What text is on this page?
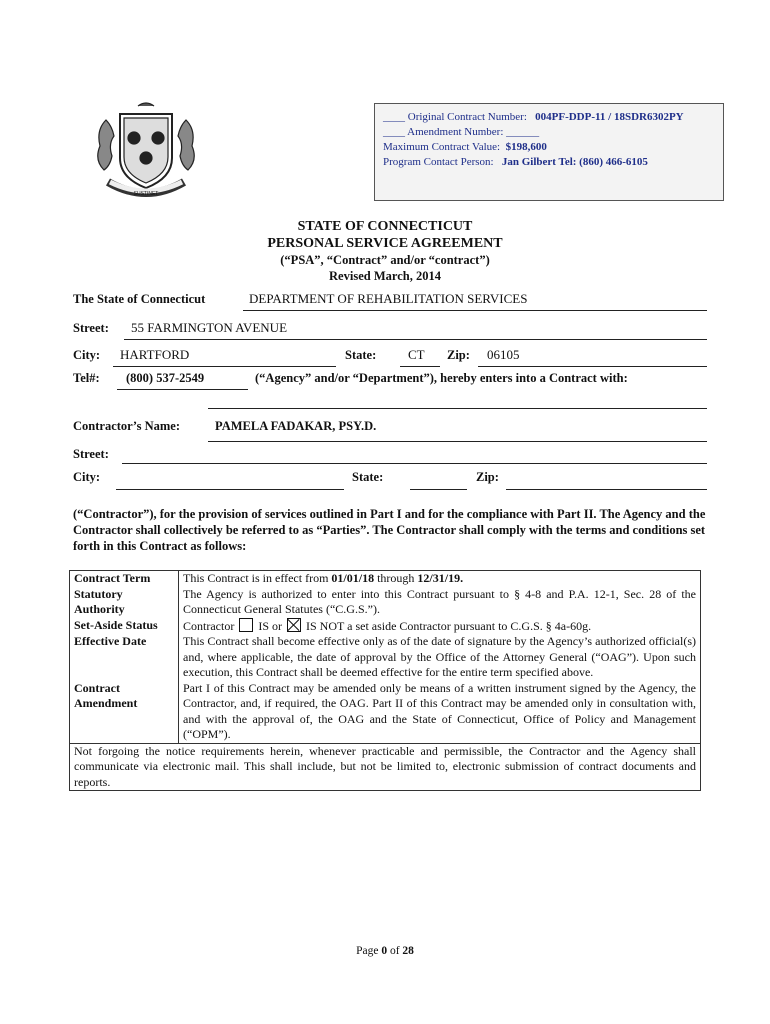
SUSTINET
____ Original Contract Number: 004PF-DDP-11 / 18SDR6302PY
____ Amendment Number: ______
Maximum Contract Value: $198,600
Program Contact Person: Jan Gilbert Tel: (860) 466-6105
STATE OF CONNECTICUT
PERSONAL SERVICE AGREEMENT
(“PSA”, “Contract” and/or “contract”)
Revised March, 2014
The State of Connecticut	DEPARTMENT OF REHABILITATION SERVICES
Street: 55 FARMINGTON AVENUE
City: HARTFORD	State: CT Zip: 06105
Tel#: (800) 537-2549	(“Agency” and/or “Department”), hereby enters into a Contract with:
Contractor’s Name:	PAMELA FADAKAR, PSY.D.
Street:
City:	State:	Zip:
(“Contractor”), for the provision of services outlined in Part I and for the compliance with Part II. The Agency and the Contractor shall collectively be referred to as “Parties”. The Contractor shall comply with the terms and conditions set forth in this Contract as follows:
Contract Term	This Contract is in effect from 01/01/18 through 12/31/19.
Statutory
Authority	The Agency is authorized to enter into this Contract pursuant to § 4-8 and P.A. 12-1, Sec. 28 of the Connecticut General Statutes (“C.G.S.”).
Set-Aside Status	Contractor IS or IS NOT a set aside Contractor pursuant to C.G.S. § 4a-60g.
Effective Date	This Contract shall become effective only as of the date of signature by the Agency’s authorized official(s) and, where applicable, the date of approval by the Office of the Attorney General (“OAG”). Upon such execution, this Contract shall be deemed effective for the entire term specified above.
Contract
Amendment	Part I of this Contract may be amended only be means of a written instrument signed by the Agency, the Contractor, and, if required, the OAG. Part II of this Contract may be amended only in consultation with, and with the approval of, the OAG and the State of Connecticut, Office of Policy and Management (“OPM”).
Not forgoing the notice requirements herein, whenever practicable and permissible, the Contractor and the Agency shall communicate via electronic mail. This shall include, but not be limited to, electronic submission of contract documents and reports.	
Page 0 of 28
